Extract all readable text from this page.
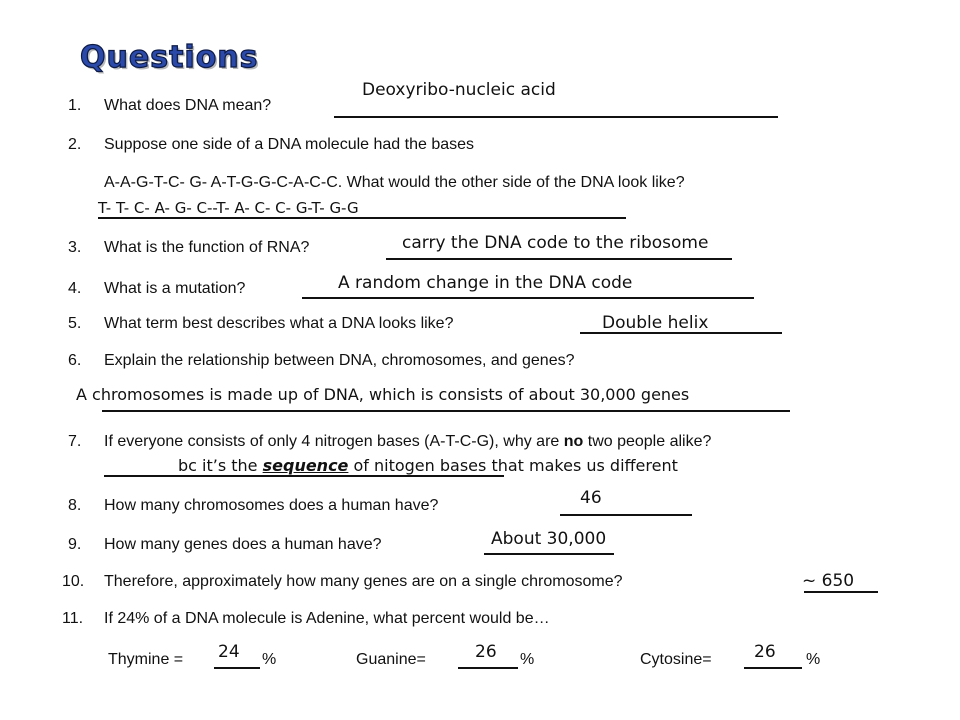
Questions
1. What does DNA mean?
Deoxyribo-nucleic acid
2. Suppose one side of a DNA molecule had the bases
A-A-G-T-C- G- A-T-G-G-C-A-C-C. What would the other side of the DNA look like?
T- T- C- A- G- C--T- A- C- C- G-T- G-G
3. What is the function of RNA?	carry the DNA code to the ribosome
4. What is a mutation?	A random change in the DNA code
5. What term best describes what a DNA looks like?	Double helix
6. Explain the relationship between DNA, chromosomes, and genes?
A chromosomes is made up of DNA, which is consists of about 30,000 genes
7. If everyone consists of only 4 nitrogen bases (A-T-C-G), why are no two people alike?
bc it’s the sequence of nitogen bases that makes us different
8. How many chromosomes does a human have?	46
9. How many genes does a human have?	About 30,000
10. Therefore, approximately how many genes are on a single chromosome?	~ 650
11. If 24% of a DNA molecule is Adenine, what percent would be…
Thymine = 24 %	Guanine=	26 %	Cytosine= 26 %
